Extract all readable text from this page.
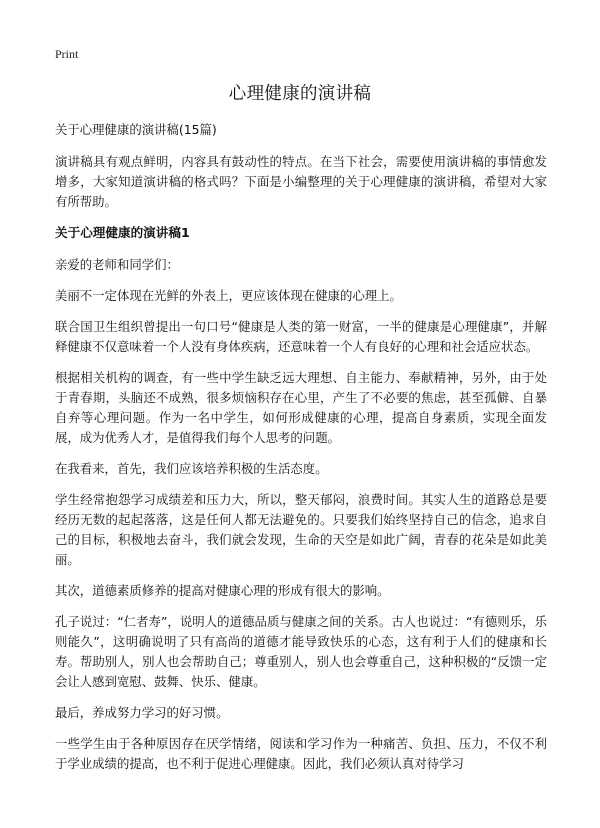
Print
心理健康的演讲稿
关于心理健康的演讲稿(15篇)
演讲稿具有观点鲜明，内容具有鼓动性的特点。在当下社会，需要使用演讲稿的事情愈发增多，大家知道演讲稿的格式吗？下面是小编整理的关于心理健康的演讲稿，希望对大家有所帮助。
关于心理健康的演讲稿1
亲爱的老师和同学们：
美丽不一定体现在光鲜的外表上，更应该体现在健康的心理上。
联合国卫生组织曾提出一句口号“健康是人类的第一财富，一半的健康是心理健康”，并解释健康不仅意味着一个人没有身体疾病，还意味着一个人有良好的心理和社会适应状态。
根据相关机构的调查，有一些中学生缺乏远大理想、自主能力、奉献精神，另外，由于处于青春期，头脑还不成熟，很多烦恼积存在心里，产生了不必要的焦虑，甚至孤僻、自暴自弃等心理问题。作为一名中学生，如何形成健康的心理，提高自身素质，实现全面发展，成为优秀人才，是值得我们每个人思考的问题。
在我看来，首先，我们应该培养积极的生活态度。
学生经常抱怨学习成绩差和压力大，所以，整天郁闷，浪费时间。其实人生的道路总是要经历无数的起起落落，这是任何人都无法避免的。只要我们始终坚持自己的信念，追求自己的目标，积极地去奋斗，我们就会发现，生命的天空是如此广阔，青春的花朵是如此美丽。
其次，道德素质修养的提高对健康心理的形成有很大的影响。
孔子说过：“仁者寿”，说明人的道德品质与健康之间的关系。古人也说过：“有德则乐，乐则能久”，这明确说明了只有高尚的道德才能导致快乐的心态，这有利于人们的健康和长寿。帮助别人，别人也会帮助自己；尊重别人，别人也会尊重自己，这种积极的“反馈一定会让人感到宽慰、鼓舞、快乐、健康。
最后，养成努力学习的好习惯。
一些学生由于各种原因存在厌学情绪，阅读和学习作为一种痛苦、负担、压力，不仅不利于学业成绩的提高，也不利于促进心理健康。因此，我们必须认真对待学习
